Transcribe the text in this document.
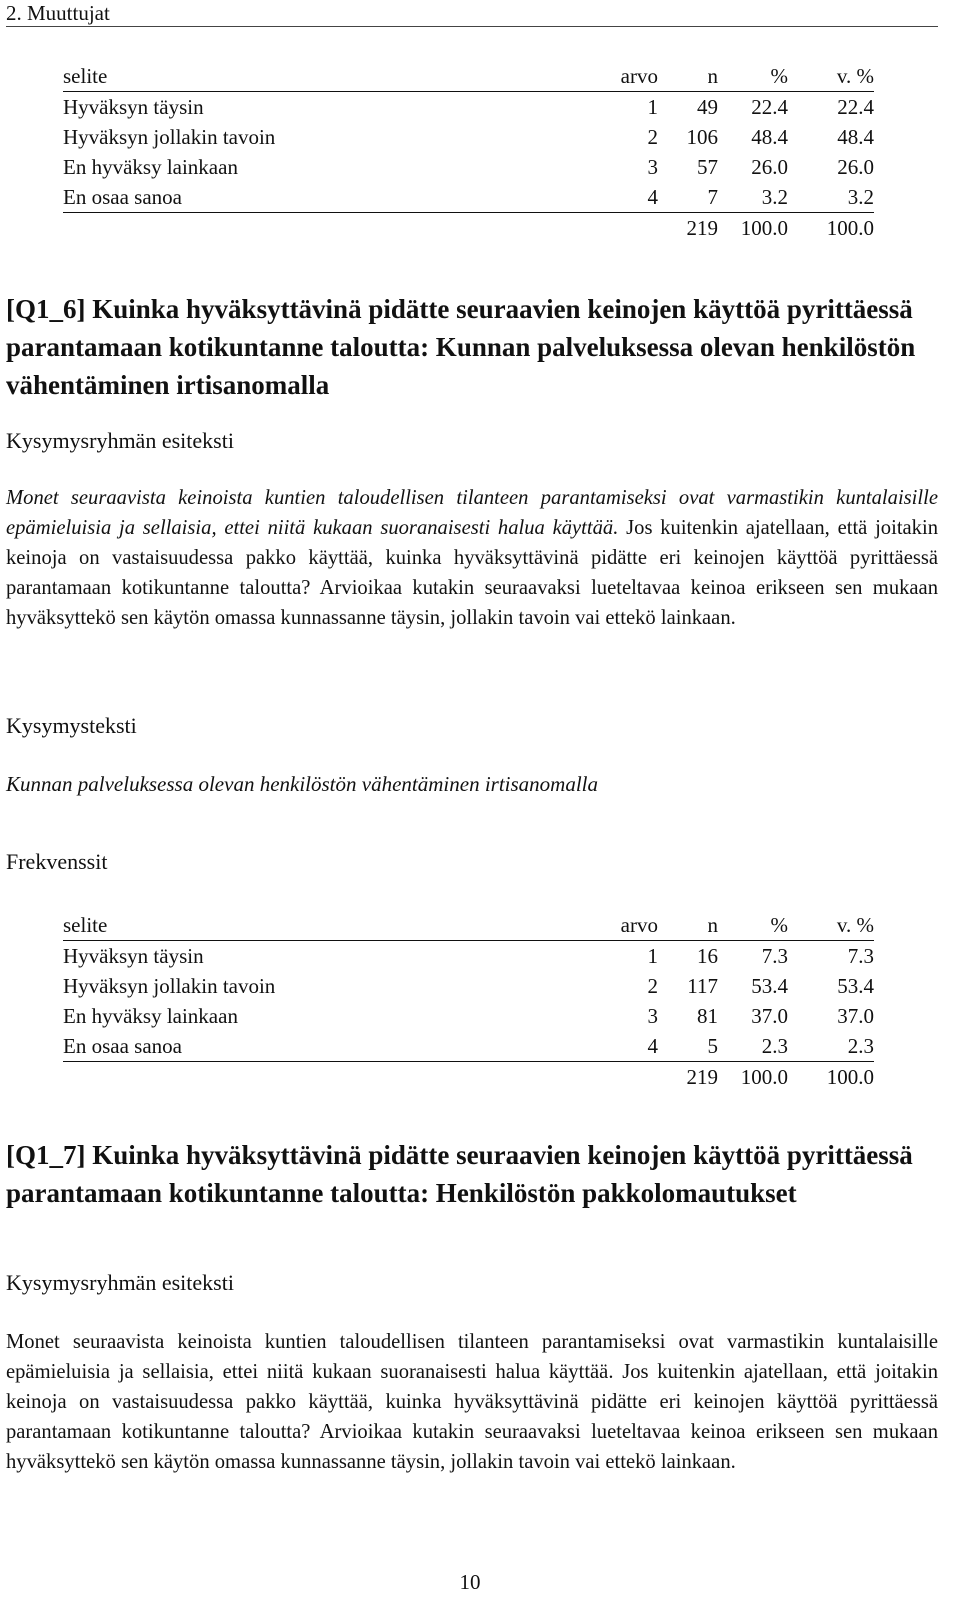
2. Muuttujat
selite	arvo	n	%	v. %
Hyväksyn täysin	1	49	22.4	22.4
Hyväksyn jollakin tavoin	2	106	48.4	48.4
En hyväksy lainkaan	3	57	26.0	26.0
En osaa sanoa	4	7	3.2	3.2
		219	100.0	100.0
[Q1_6] Kuinka hyväksyttävinä pidätte seuraavien keinojen käyttöä pyrittäessä parantamaan kotikuntanne taloutta: Kunnan palveluksessa olevan henkilöstön vähentäminen irtisanomalla
Kysymysryhmän esiteksti

Monet seuraavista keinoista kuntien taloudellisen tilanteen parantamiseksi ovat varmastikin kuntalaisille epämieluisia ja sellaisia, ettei niitä kukaan suoranaisesti halua käyttää. Jos kuitenkin ajatellaan, että joitakin keinoja on vastaisuudessa pakko käyttää, kuinka hyväksyttävinä pidätte eri keinojen käyttöä pyrittäessä parantamaan kotikuntanne taloutta? Arvioikaa kutakin seuraavaksi lueteltavaa keinoa erikseen sen mukaan hyväksyttekö sen käytön omassa kunnassanne täysin, jollakin tavoin vai ettekö lainkaan.

Kysymysteksti

Kunnan palveluksessa olevan henkilöstön vähentäminen irtisanomalla

Frekvenssit
selite	arvo	n	%	v. %
Hyväksyn täysin	1	16	7.3	7.3
Hyväksyn jollakin tavoin	2	117	53.4	53.4
En hyväksy lainkaan	3	81	37.0	37.0
En osaa sanoa	4	5	2.3	2.3
		219	100.0	100.0
[Q1_7] Kuinka hyväksyttävinä pidätte seuraavien keinojen käyttöä pyrittäessä parantamaan kotikuntanne taloutta: Henkilöstön pakkolomautukset
Kysymysryhmän esiteksti

Monet seuraavista keinoista kuntien taloudellisen tilanteen parantamiseksi ovat varmastikin kuntalaisille epämieluisia ja sellaisia, ettei niitä kukaan suoranaisesti halua käyttää. Jos kuitenkin ajatellaan, että joitakin keinoja on vastaisuudessa pakko käyttää, kuinka hyväksyttävinä pidätte eri keinojen käyttöä pyrittäessä parantamaan kotikuntanne taloutta? Arvioikaa kutakin seuraavaksi lueteltavaa keinoa erikseen sen mukaan hyväksyttekö sen käytön omassa kunnassanne täysin, jollakin tavoin vai ettekö lainkaan.

10
